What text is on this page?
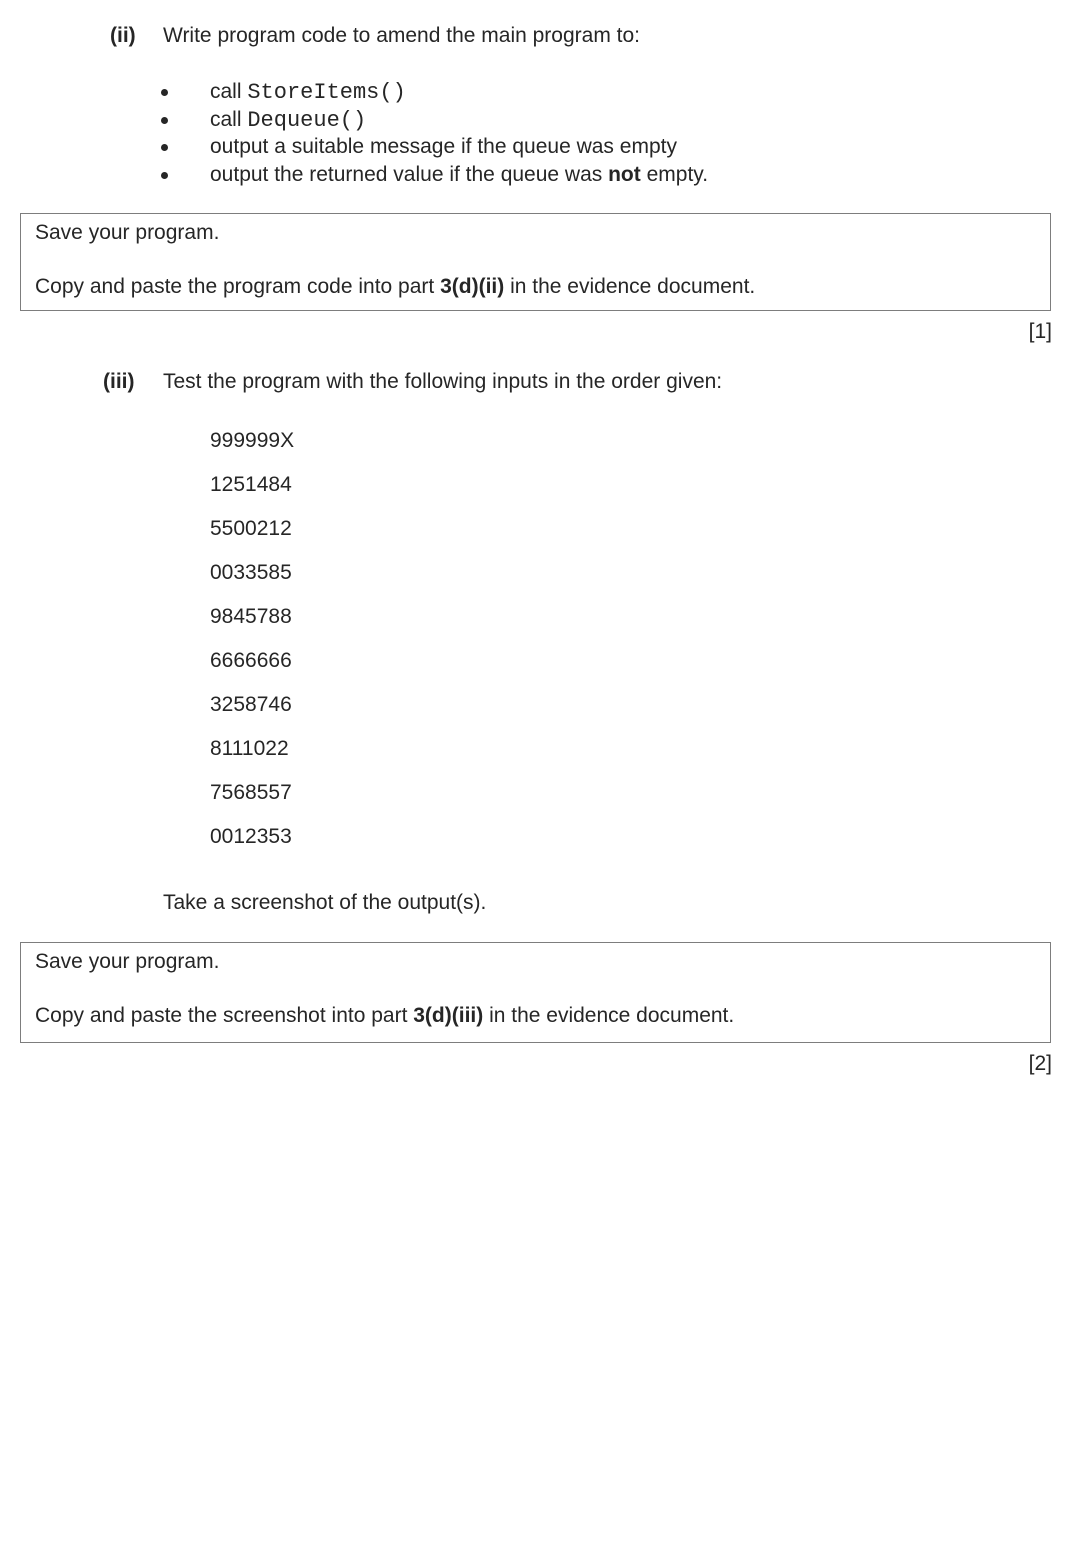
(ii) Write program code to amend the main program to:
call StoreItems()
call Dequeue()
output a suitable message if the queue was empty
output the returned value if the queue was not empty.
Save your program.
Copy and paste the program code into part 3(d)(ii) in the evidence document.
[1]
(iii) Test the program with the following inputs in the order given:
999999X
1251484
5500212
0033585
9845788
6666666
3258746
8111022
7568557
0012353
Take a screenshot of the output(s).
Save your program.
Copy and paste the screenshot into part 3(d)(iii) in the evidence document.
[2]
